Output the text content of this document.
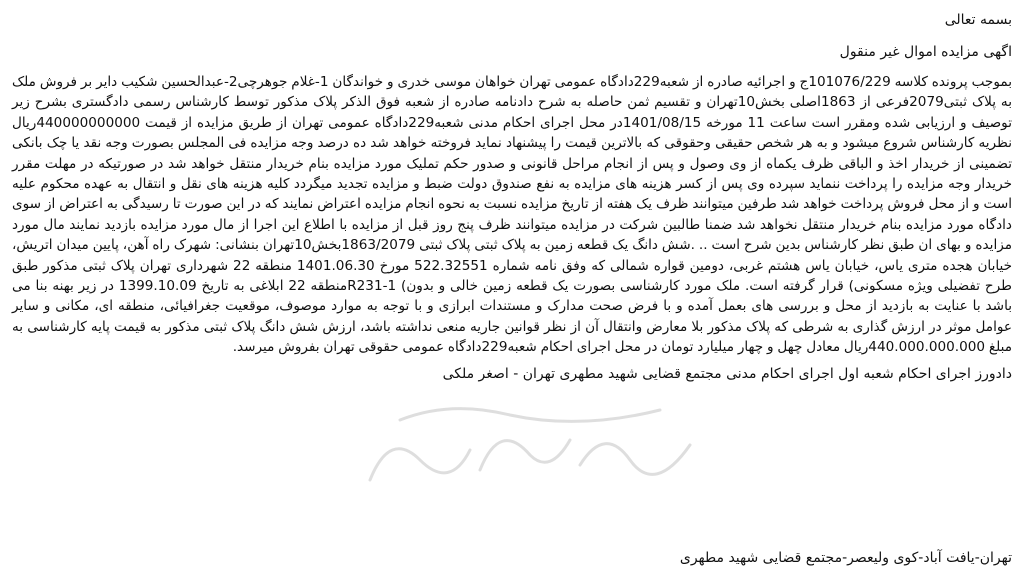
بسمه تعالی
اگهی مزایده اموال غیر منقول
بموجب پرونده کلاسه 101076/229ج و اجرائیه صادره از شعبه229دادگاه عمومی تهران خواهان موسی خدری و خواندگان 1-غلام جوهرچی2-عبدالحسین شکیب دایر بر فروش ملک به پلاک ثبتی2079فرعی از 1863اصلی بخش10تهران و تقسیم ثمن حاصله به شرح دادنامه صادره از شعبه فوق الذکر پلاک مذکور توسط کارشناس رسمی دادگستری بشرح زیر توصیف و ارزیابی شده ومقرر است ساعت 11 مورخه 1401/08/15در محل اجرای احکام مدنی شعبه229دادگاه عمومی تهران از طریق مزایده از قیمت 440000000000ریال نظریه کارشناس شروع میشود و به هر شخص حقیقی وحقوقی که بالاترین قیمت را پیشنهاد نماید فروخته خواهد شد ده درصد وجه مزایده فی المجلس بصورت وجه نقد یا چک بانکی تضمینی از خریدار اخذ و الباقی ظرف یکماه از وی وصول و پس از انجام مراحل قانونی و صدور حکم تملیک مورد مزایده بنام خریدار منتقل خواهد شد در صورتیکه در مهلت مقرر خریدار وجه مزایده را پرداخت ننماید سپرده وی پس از کسر هزینه های مزایده به نفع صندوق دولت ضبط و مزایده تجدید میگردد کلیه هزینه های نقل و انتقال به عهده محکوم علیه است و از محل فروش پرداخت خواهد شد طرفین میتوانند ظرف یک هفته از تاریخ مزایده نسبت به نحوه انجام مزایده اعتراض نمایند که در این صورت تا رسیدگی به اعتراض از سوی دادگاه مورد مزایده بنام خریدار منتقل نخواهد شد ضمنا طالبین شرکت در مزایده میتوانند ظرف پنج روز قبل از مزایده با اطلاع این اجرا از مال مورد مزایده بازدید نمایند مال مورد مزایده و بهای ان طبق نظر کارشناس بدین شرح است .. .شش دانگ یک قطعه زمین به پلاک ثبتی پلاک ثبتی 1863/2079بخش10تهران بنشانی: شهرک راه آهن، پایین میدان اتریش، خیابان هجده متری یاس، خیابان یاس هشتم غربی، دومین قواره شمالی که وفق نامه شماره 522.32551 مورخ 1401.06.30 منطقه 22 شهرداری تهران پلاک ثبتی مذکور طبق طرح تفضیلی ویژه مسکونی) قرار گرفته است. ملک مورد کارشناسی بصورت یک قطعه زمین خالی و بدون) R231-1منطقه 22 ابلاغی به تاریخ 1399.10.09 در زیر بهنه بنا می باشد با عنایت به بازدید از محل و بررسی های بعمل آمده و با فرض صحت مدارک و مستندات ابرازی و با توجه به موارد موصوف، موقعیت جغرافیائی، منطقه ای، مکانی و سایر عوامل موثر در ارزش گذاری به شرطی که پلاک مذکور بلا معارض وانتقال آن از نظر قوانین جاریه منعی نداشته باشد، ارزش شش دانگ پلاک ثبتی مذکور به قیمت پایه کارشناسی به مبلغ 440.000.000.000ریال معادل چهل و چهار میلیارد تومان در محل اجرای احکام شعبه229دادگاه عمومی حقوقی تهران بفروش میرسد.
دادورز اجرای احکام شعبه اول اجرای احکام مدنی مجتمع قضایی شهید مطهری تهران - اصغر ملکی
تهران-یافت آباد-کوی ولیعصر-مجتمع قضایی شهید مطهری
